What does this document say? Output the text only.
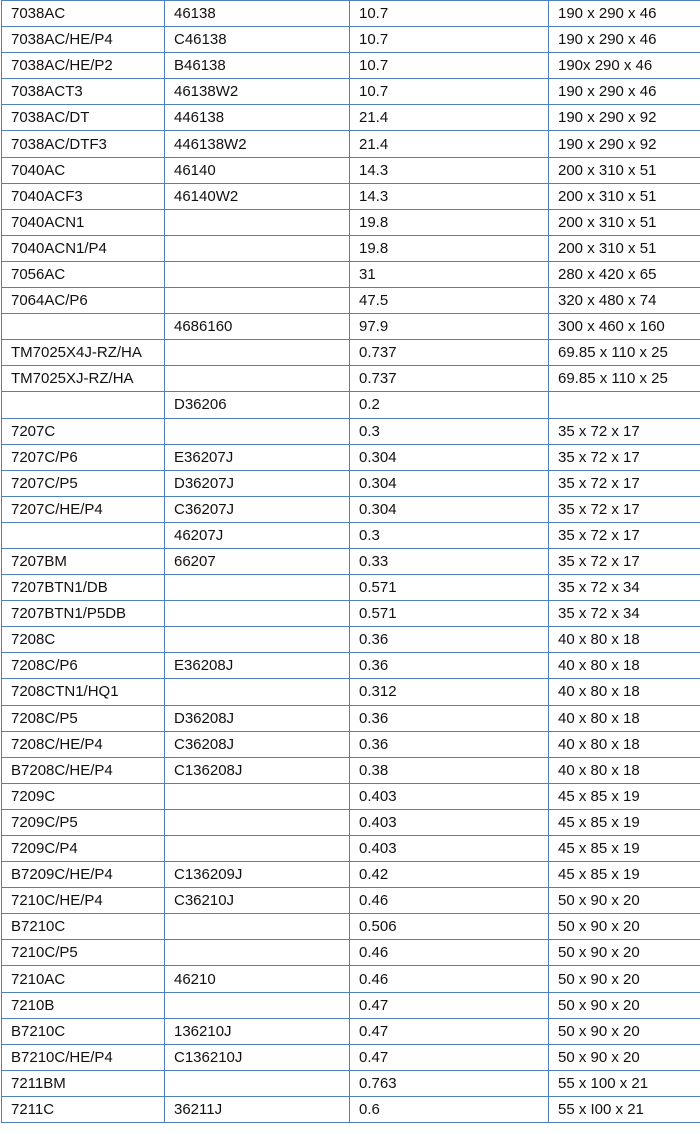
7038AC	46138	10.7	190 x 290 x 46
7038AC/HE/P4	C46138	10.7	190 x 290 x 46
7038AC/HE/P2	B46138	10.7	190x 290 x 46
7038ACT3	46138W2	10.7	190 x 290 x 46
7038AC/DT	446138	21.4	190 x 290 x 92
7038AC/DTF3	446138W2	21.4	190 x 290 x 92
7040AC	46140	14.3	200 x 310 x 51
7040ACF3	46140W2	14.3	200 x 310 x 51
7040ACN1		19.8	200 x 310 x 51
7040ACN1/P4		19.8	200 x 310 x 51
7056AC		31	280 x 420 x 65
7064AC/P6		47.5	320 x 480 x 74
	4686160	97.9	300 x 460 x 160
TM7025X4J-RZ/HA		0.737	69.85 x 110 x 25
TM7025XJ-RZ/HA		0.737	69.85 x 110 x 25
	D36206	0.2	
7207C		0.3	35 x 72 x 17
7207C/P6	E36207J	0.304	35 x 72 x 17
7207C/P5	D36207J	0.304	35 x 72 x 17
7207C/HE/P4	C36207J	0.304	35 x 72 x 17
	46207J	0.3	35 x 72 x 17
7207BM	66207	0.33	35 x 72 x 17
7207BTN1/DB		0.571	35 x 72 x 34
7207BTN1/P5DB		0.571	35 x 72 x 34
7208C		0.36	40 x 80 x 18
7208C/P6	E36208J	0.36	40 x 80 x 18
7208CTN1/HQ1		0.312	40 x 80 x 18
7208C/P5	D36208J	0.36	40 x 80 x 18
7208C/HE/P4	C36208J	0.36	40 x 80 x 18
B7208C/HE/P4	C136208J	0.38	40 x 80 x 18
7209C		0.403	45 x 85 x 19
7209C/P5		0.403	45 x 85 x 19
7209C/P4		0.403	45 x 85 x 19
B7209C/HE/P4	C136209J	0.42	45 x 85 x 19
7210C/HE/P4	C36210J	0.46	50 x 90 x 20
B7210C		0.506	50 x 90 x 20
7210C/P5		0.46	50 x 90 x 20
7210AC	46210	0.46	50 x 90 x 20
7210B		0.47	50 x 90 x 20
B7210C	136210J	0.47	50 x 90 x 20
B7210C/HE/P4	C136210J	0.47	50 x 90 x 20
7211BM		0.763	55 x 100 x 21
7211C	36211J	0.6	55 x I00 x 21
